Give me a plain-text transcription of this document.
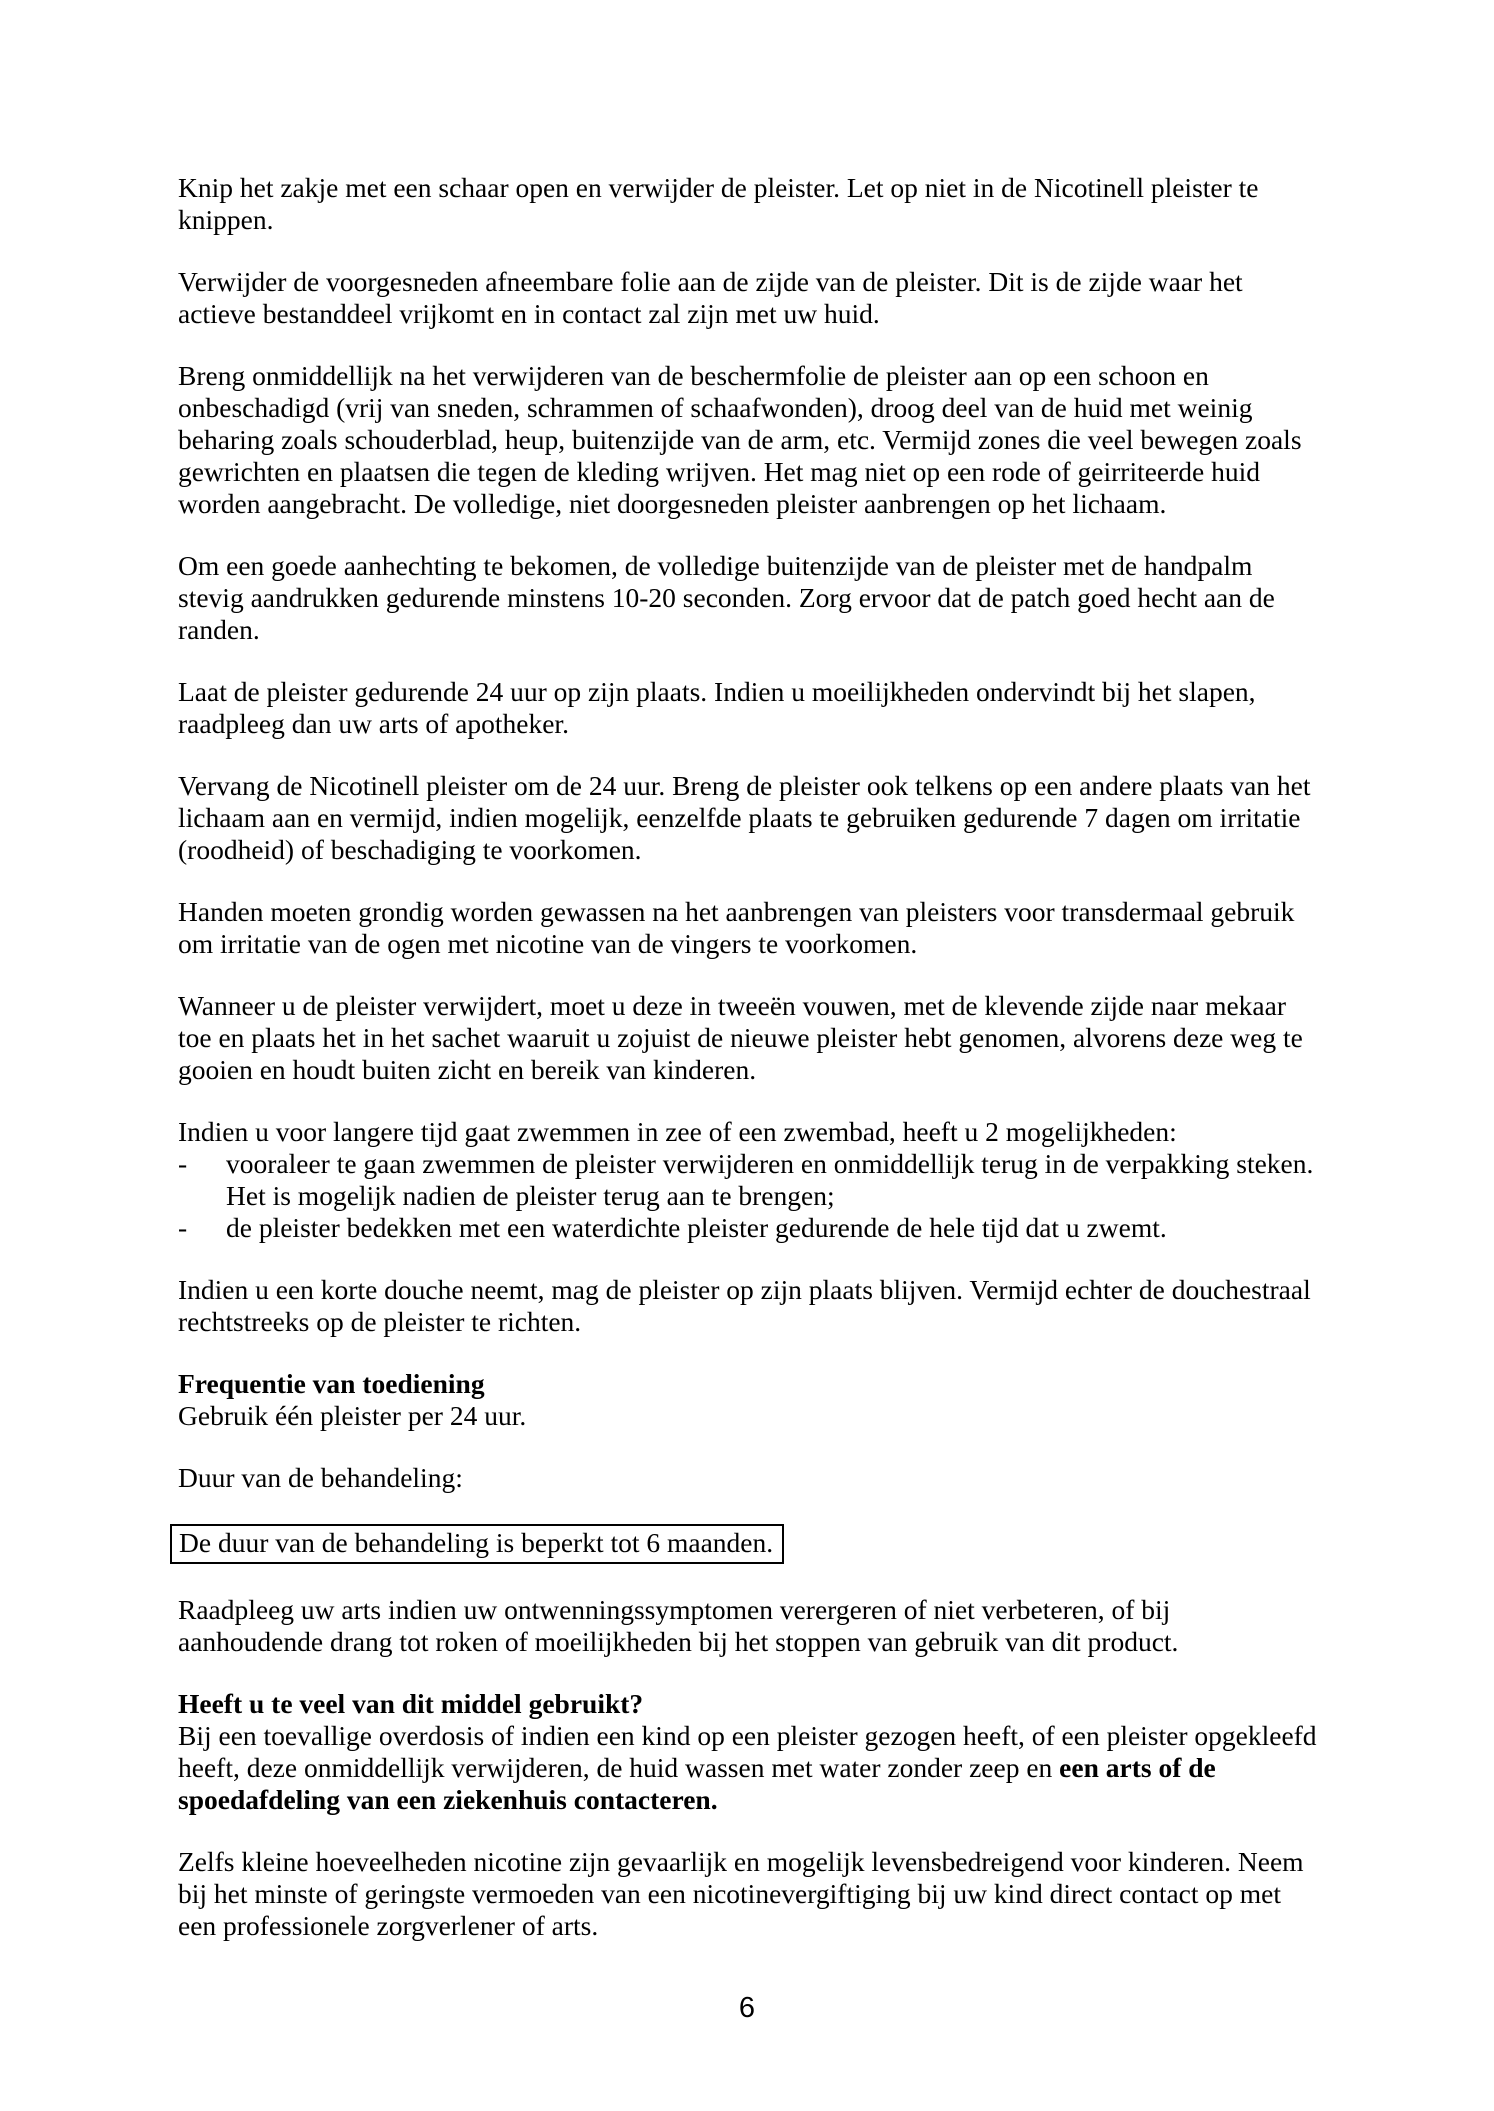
Knip het zakje met een schaar open en verwijder de pleister. Let op niet in de Nicotinell pleister te knippen.

Verwijder de voorgesneden afneembare folie aan de zijde van de pleister. Dit is de zijde waar het actieve bestanddeel vrijkomt en in contact zal zijn met uw huid.

Breng onmiddellijk na het verwijderen van de beschermfolie de pleister aan op een schoon en onbeschadigd (vrij van sneden, schrammen of schaafwonden), droog deel van de huid met weinig beharing zoals schouderblad, heup, buitenzijde van de arm, etc. Vermijd zones die veel bewegen zoals gewrichten en plaatsen die tegen de kleding wrijven. Het mag niet op een rode of geirriteerde huid worden aangebracht. De volledige, niet doorgesneden pleister aanbrengen op het lichaam.

Om een goede aanhechting te bekomen, de volledige buitenzijde van de pleister met de handpalm stevig aandrukken gedurende minstens 10-20 seconden. Zorg ervoor dat de patch goed hecht aan de randen.

Laat de pleister gedurende 24 uur op zijn plaats. Indien u moeilijkheden ondervindt bij het slapen, raadpleeg dan uw arts of apotheker.

Vervang de Nicotinell pleister om de 24 uur. Breng de pleister ook telkens op een andere plaats van het lichaam aan en vermijd, indien mogelijk, eenzelfde plaats te gebruiken gedurende 7 dagen om irritatie (roodheid) of beschadiging te voorkomen.

Handen moeten grondig worden gewassen na het aanbrengen van pleisters voor transdermaal gebruik om irritatie van de ogen met nicotine van de vingers te voorkomen.

Wanneer u de pleister verwijdert, moet u deze in tweeën vouwen, met de klevende zijde naar mekaar toe en plaats het in het sachet waaruit u zojuist de nieuwe pleister hebt genomen, alvorens deze weg te gooien en houdt buiten zicht en bereik van kinderen.

Indien u voor langere tijd gaat zwemmen in zee of een zwembad, heeft u 2 mogelijkheden:

-	vooraleer te gaan zwemmen de pleister verwijderen en onmiddellijk terug in de verpakking steken. Het is mogelijk nadien de pleister terug aan te brengen;
-	de pleister bedekken met een waterdichte pleister gedurende de hele tijd dat u zwemt.

Indien u een korte douche neemt, mag de pleister op zijn plaats blijven. Vermijd echter de douchestraal rechtstreeks op de pleister te richten.

Frequentie van toediening

Gebruik één pleister per 24 uur.

Duur van de behandeling:

De duur van de behandeling is beperkt tot 6 maanden.

Raadpleeg uw arts indien uw ontwenningssymptomen verergeren of niet verbeteren, of bij aanhoudende drang tot roken of moeilijkheden bij het stoppen van gebruik van dit product.

Heeft u te veel van dit middel gebruikt?

Bij een toevallige overdosis of indien een kind op een pleister gezogen heeft, of een pleister opgekleefd heeft, deze onmiddellijk verwijderen, de huid wassen met water zonder zeep en een arts of de spoedafdeling van een ziekenhuis contacteren.

Zelfs kleine hoeveelheden nicotine zijn gevaarlijk en mogelijk levensbedreigend voor kinderen. Neem bij het minste of geringste vermoeden van een nicotinevergiftiging bij uw kind direct contact op met een professionele zorgverlener of arts.

6
